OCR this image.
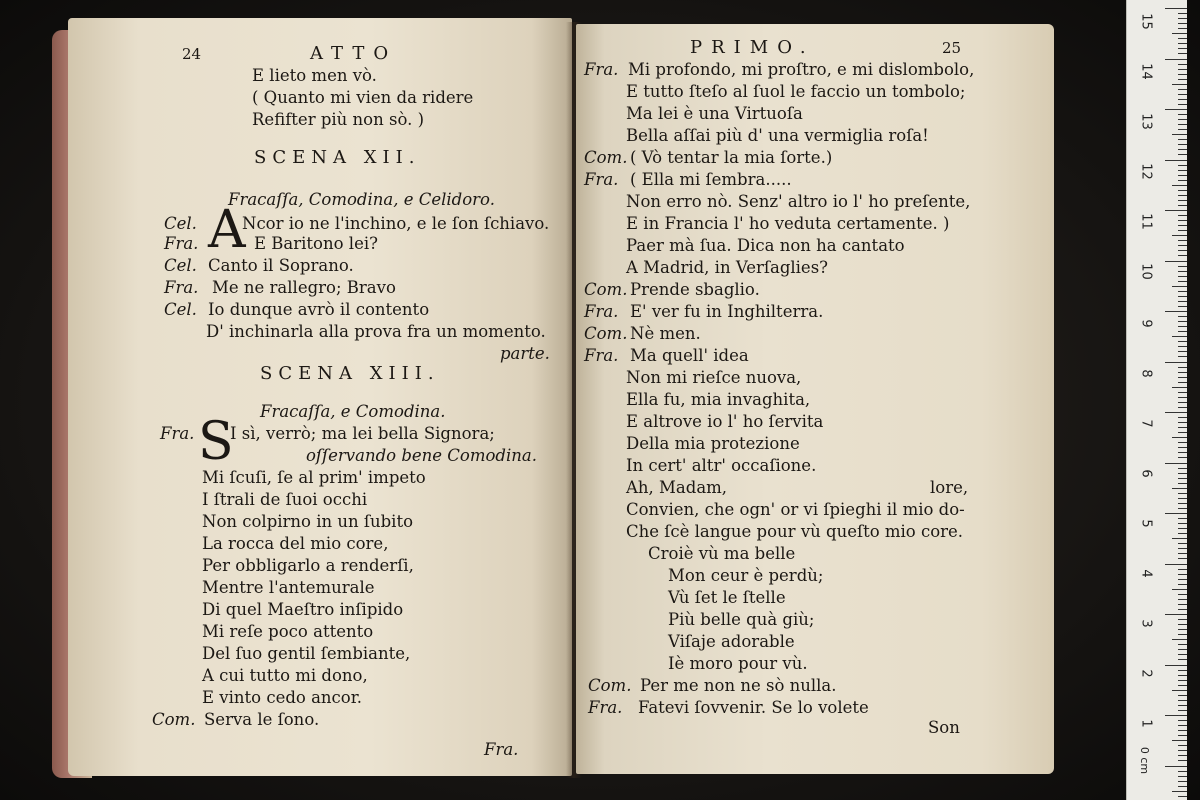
24	ATTO
E lieto men vò.
( Quanto mi vien da ridere
Refifter più non sò. )
SCENA XII.
Fracaſſa, Comodina, e Celidoro.
A
Cel.	Ncor io ne l'inchino, e le ſon ſchiavo.
Fra.	E Baritono lei?
Cel. Canto il Soprano.
Fra. Me ne rallegro; Bravo
Cel. Io dunque avrò il contento
D' inchinarla alla prova fra un momento.
parte.
SCENA XIII.
Fracaſſa, e Comodina.
Fra. S
I sì, verrò; ma lei bella Signora;
oſſervando bene Comodina.
Mi ſcuſi, ſe al prim' impeto
I ſtrali de ſuoi occhi
Non colpirno in un ſubito
La rocca del mio core,
Per obbligarlo a renderſi,
Mentre l'antemurale
Di quel Maeſtro inſipido
Mi reſe poco attento
Del ſuo gentil ſembiante,
A cui tutto mi dono,
E vinto cedo ancor.
Com. Serva le ſono.
Fra.
PRIMO.	25
Fra. Mi profondo, mi proſtro, e mi dislombolo,
E tutto ſteſo al ſuol le faccio un tombolo;
Ma lei è una Virtuoſa
Bella aſſai più d' una vermiglia roſa!
Com. ( Vò tentar la mia ſorte.)
Fra. ( Ella mi ſembra.....
Non erro nò. Senz' altro io l' ho preſente,
E in Francia l' ho veduta certamente. )
Paer mà ſua. Dica non ha cantato
A Madrid, in Verſaglies?
Com. Prende sbaglio.
Fra. E' ver fu in Inghilterra.
Com. Nè men.
Fra. Ma quell' idea
Non mi rieſce nuova,
Ella fu, mia invaghita,
E altrove io l' ho ſervita
Della mia protezione
In cert' altr' occaſione.
Ah, Madam,	lore,
Convien, che ogn' or vi ſpieghi il mio do-
Che ſcè langue pour vù queſto mio core.
Croiè vù ma belle
Mon ceur è perdù;
Vù ſet le ſtelle
Più belle quà giù;
Viſaje adorable
Iè moro pour vù.
Com. Per me non ne sò nulla.
Fra. Fatevi ſovvenir. Se lo volete
Son
15
14
13
12
11
10
9
8
7
6
5
4
3
2
1
0 cm
